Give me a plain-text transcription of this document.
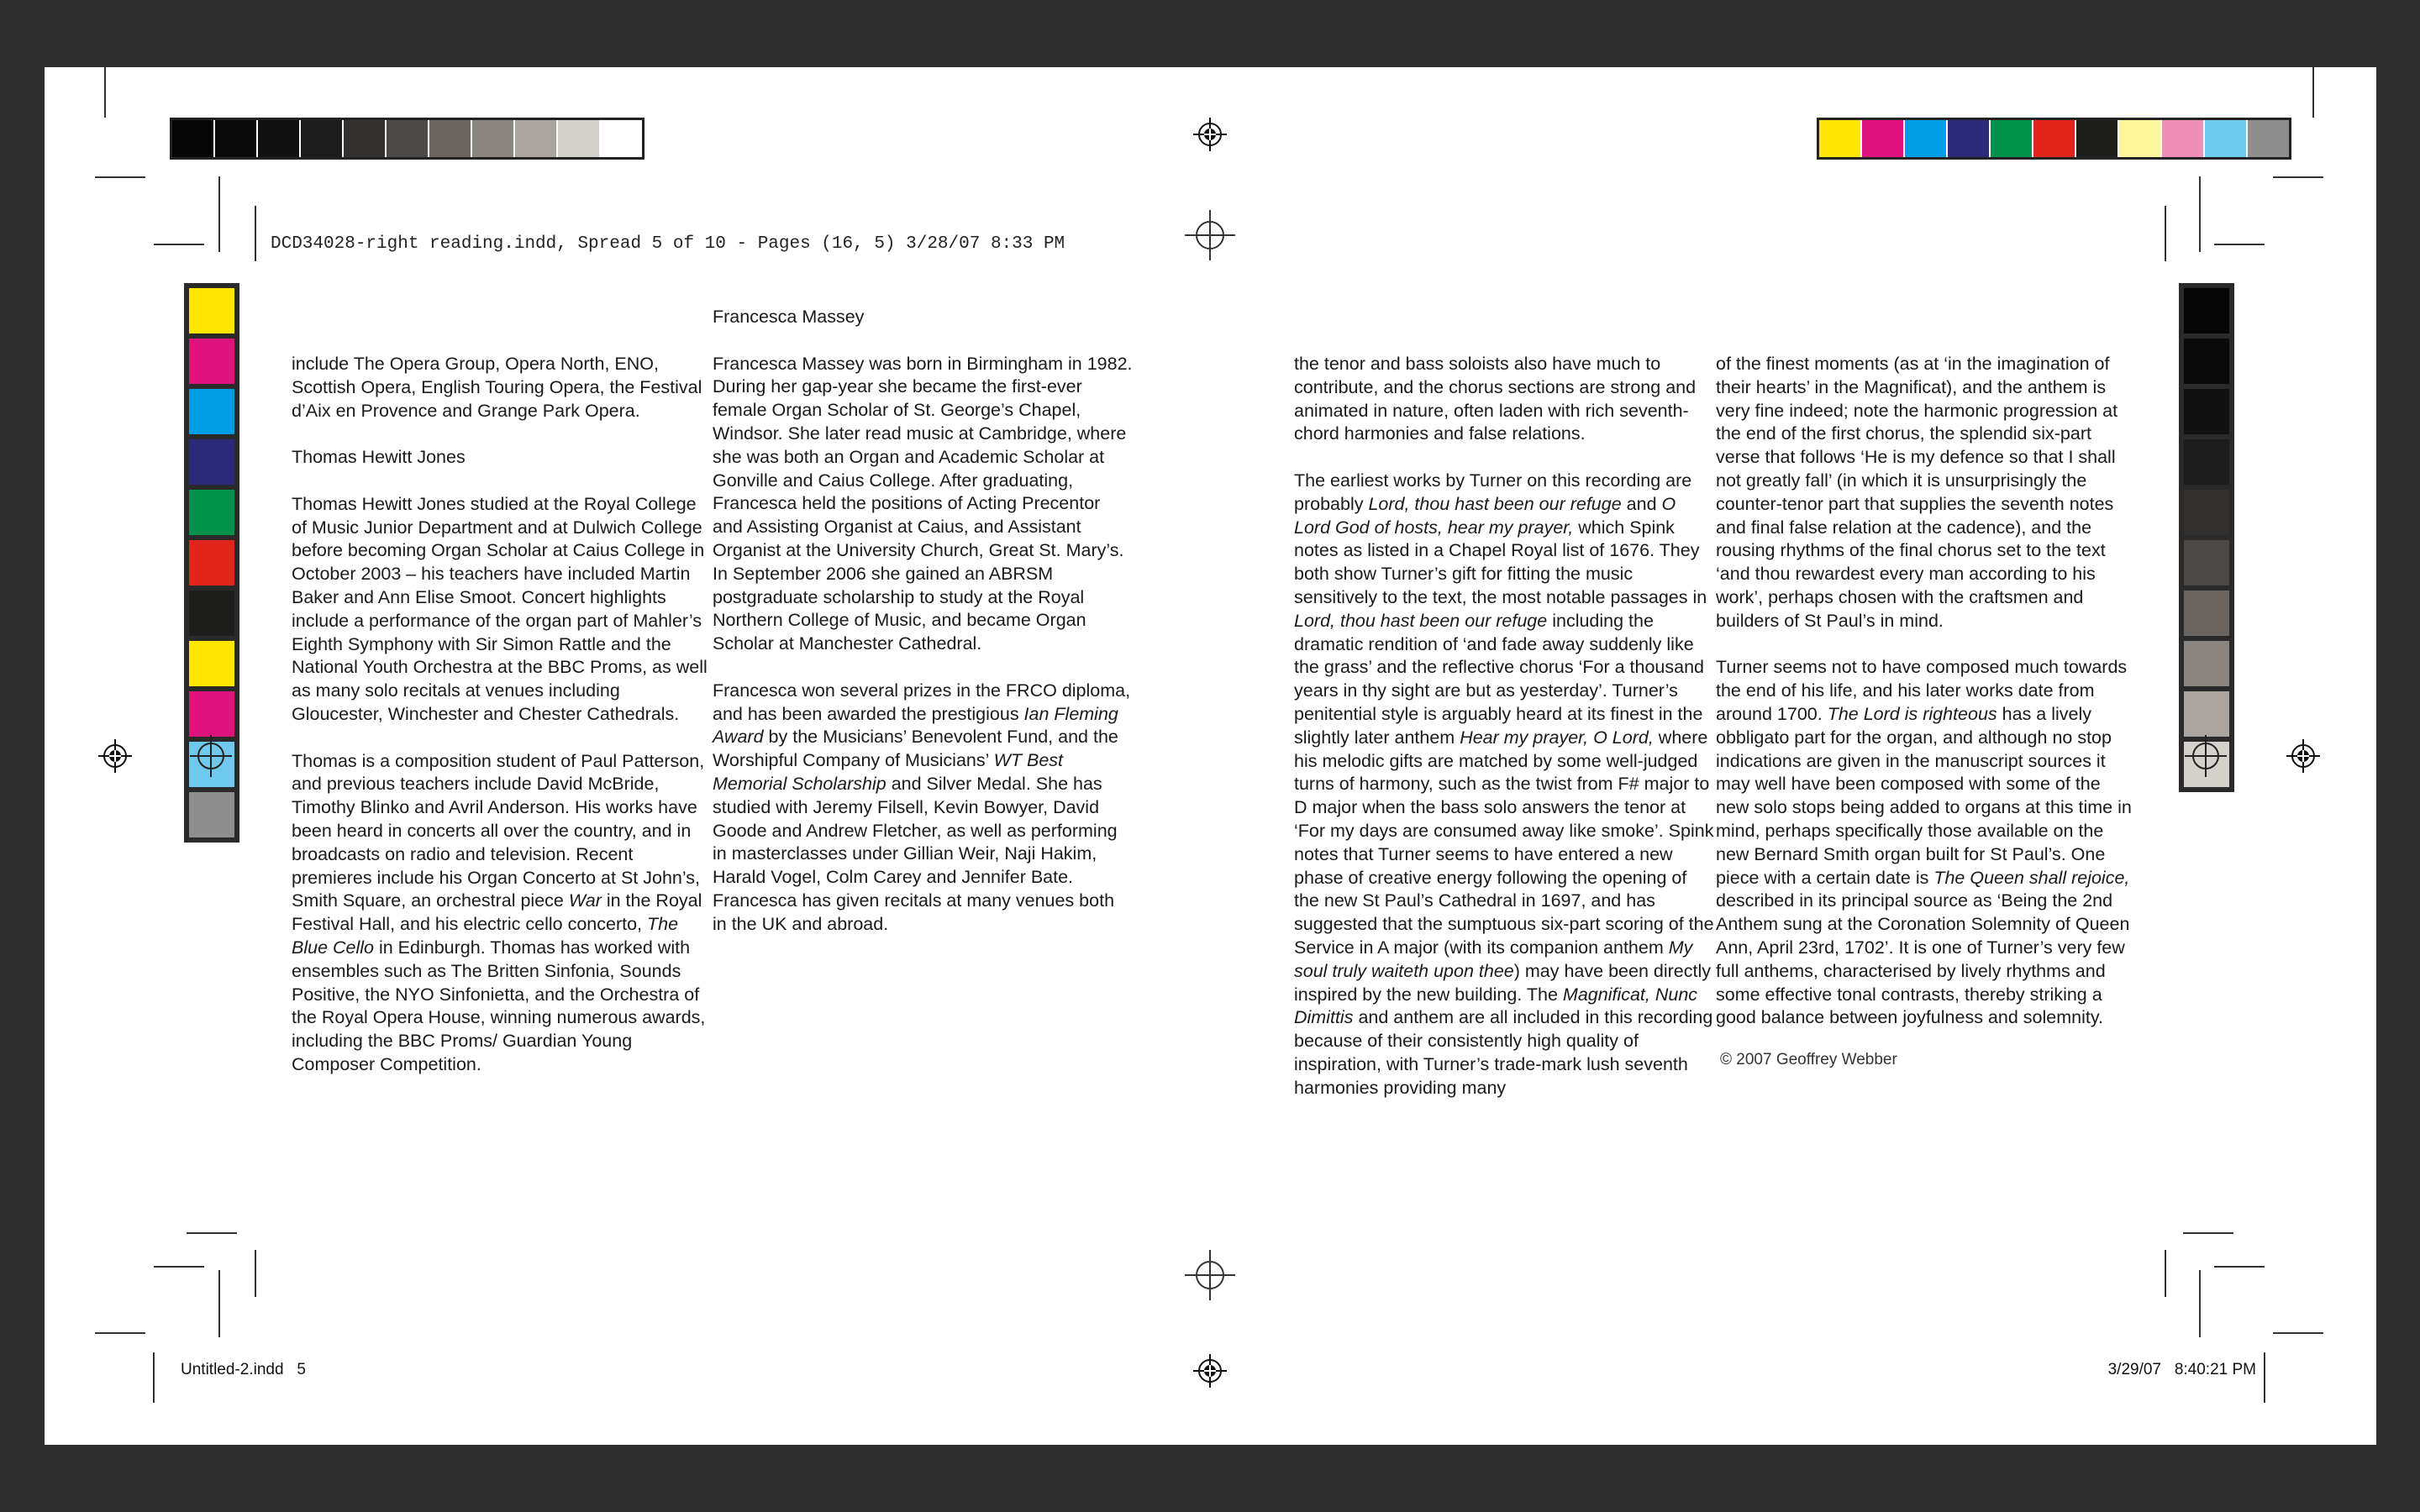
DCD34028-right reading.indd, Spread 5 of 10 - Pages (16, 5) 3/28/07 8:33 PM

include The Opera Group, Opera North, ENO, Scottish Opera, English Touring Opera, the Festival d’Aix en Provence and Grange Park Opera.

Thomas Hewitt Jones

Thomas Hewitt Jones studied at the Royal College of Music Junior Department and at Dulwich College before becoming Organ Scholar at Caius College in October 2003 – his teachers have included Martin Baker and Ann Elise Smoot. Concert highlights include a performance of the organ part of Mahler’s Eighth Symphony with Sir Simon Rattle and the National Youth Orchestra at the BBC Proms, as well as many solo recitals at venues including Gloucester, Winchester and Chester Cathedrals.

Thomas is a composition student of Paul Patterson, and previous teachers include David McBride, Timothy Blinko and Avril Anderson. His works have been heard in concerts all over the country, and in broadcasts on radio and television. Recent premieres include his Organ Concerto at St John’s, Smith Square, an orchestral piece War in the Royal Festival Hall, and his electric cello concerto, The Blue Cello in Edinburgh. Thomas has worked with ensembles such as The Britten Sinfonia, Sounds Positive, the NYO Sinfonietta, and the Orchestra of the Royal Opera House, winning numerous awards, including the BBC Proms/ Guardian Young Composer Competition.

Francesca Massey

Francesca Massey was born in Birmingham in 1982. During her gap-year she became the first-ever female Organ Scholar of St. George’s Chapel, Windsor. She later read music at Cambridge, where she was both an Organ and Academic Scholar at Gonville and Caius College. After graduating, Francesca held the positions of Acting Precentor and Assisting Organist at Caius, and Assistant Organist at the University Church, Great St. Mary’s. In September 2006 she gained an ABRSM postgraduate scholarship to study at the Royal Northern College of Music, and became Organ Scholar at Manchester Cathedral.

Francesca won several prizes in the FRCO diploma, and has been awarded the prestigious Ian Fleming Award by the Musicians’ Benevolent Fund, and the Worshipful Company of Musicians’ WT Best Memorial Scholarship and Silver Medal. She has studied with Jeremy Filsell, Kevin Bowyer, David Goode and Andrew Fletcher, as well as performing in masterclasses under Gillian Weir, Naji Hakim, Harald Vogel, Colm Carey and Jennifer Bate. Francesca has given recitals at many venues both in the UK and abroad.

the tenor and bass soloists also have much to contribute, and the chorus sections are strong and animated in nature, often laden with rich seventh-chord harmonies and false relations.

The earliest works by Turner on this recording are probably Lord, thou hast been our refuge and O Lord God of hosts, hear my prayer, which Spink notes as listed in a Chapel Royal list of 1676. They both show Turner’s gift for fitting the music sensitively to the text, the most notable passages in Lord, thou hast been our refuge including the dramatic rendition of ‘and fade away suddenly like the grass’ and the reflective chorus ‘For a thousand years in thy sight are but as yesterday’. Turner’s penitential style is arguably heard at its finest in the slightly later anthem Hear my prayer, O Lord, where his melodic gifts are matched by some well-judged turns of harmony, such as the twist from F# major to D major when the bass solo answers the tenor at ‘For my days are consumed away like smoke’. Spink notes that Turner seems to have entered a new phase of creative energy following the opening of the new St Paul’s Cathedral in 1697, and has suggested that the sumptuous six-part scoring of the Service in A major (with its companion anthem My soul truly waiteth upon thee) may have been directly inspired by the new building. The Magnificat, Nunc Dimittis and anthem are all included in this recording because of their consistently high quality of inspiration, with Turner’s trade-mark lush seventh harmonies providing many

of the finest moments (as at ‘in the imagination of their hearts’ in the Magnificat), and the anthem is very fine indeed; note the harmonic progression at the end of the first chorus, the splendid six-part verse that follows ‘He is my defence so that I shall not greatly fall’ (in which it is unsurprisingly the counter-tenor part that supplies the seventh notes and final false relation at the cadence), and the rousing rhythms of the final chorus set to the text ‘and thou rewardest every man according to his work’, perhaps chosen with the craftsmen and builders of St Paul’s in mind.

Turner seems not to have composed much towards the end of his life, and his later works date from around 1700. The Lord is righteous has a lively obbligato part for the organ, and although no stop indications are given in the manuscript sources it may well have been composed with some of the new solo stops being added to organs at this time in mind, perhaps specifically those available on the new Bernard Smith organ built for St Paul’s. One piece with a certain date is The Queen shall rejoice, described in its principal source as ‘Being the 2nd Anthem sung at the Coronation Solemnity of Queen Ann, April 23rd, 1702’. It is one of Turner’s very few full anthems, characterised by lively rhythms and some effective tonal contrasts, thereby striking a good balance between joyfulness and solemnity.

© 2007 Geoffrey Webber
Untitled-2.indd   5	3/29/07   8:40:21 PM
